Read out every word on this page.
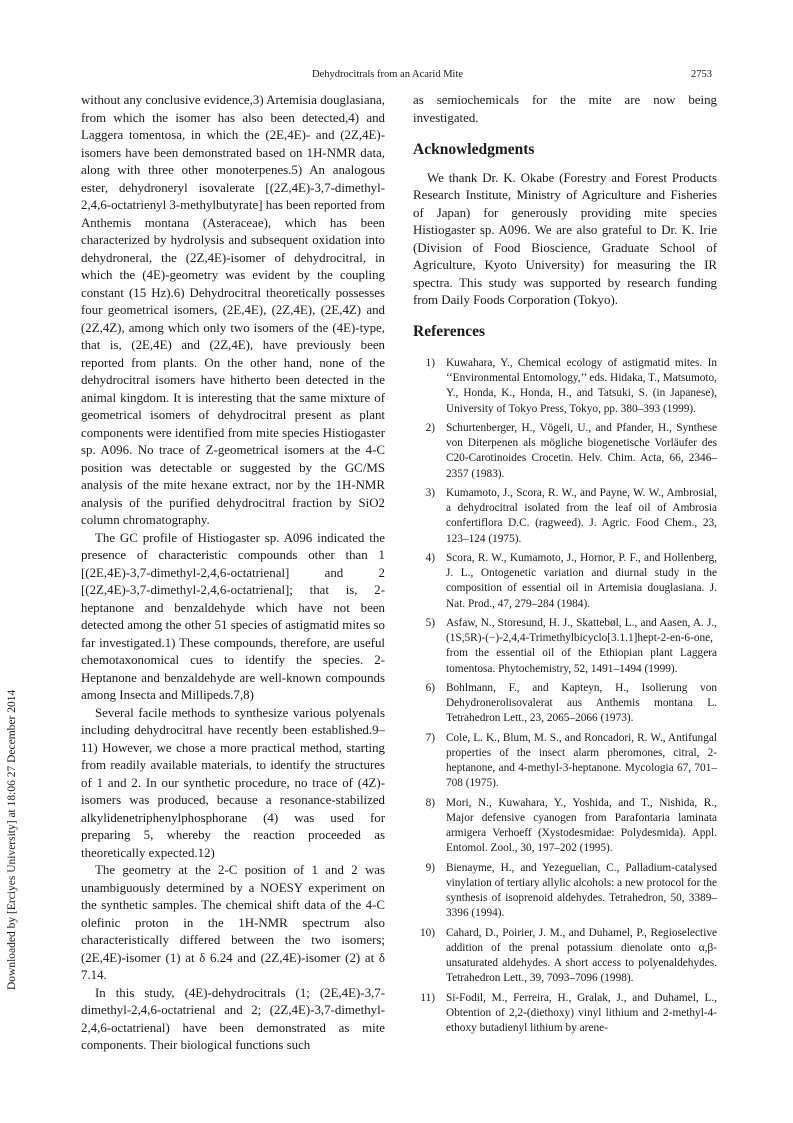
Dehydrocitrals from an Acarid Mite	2753
Downloaded by [Erciyes University] at 18:06 27 December 2014

without any conclusive evidence,3) Artemisia douglasiana, from which the isomer has also been detected,4) and Laggera tomentosa, in which the (2E,4E)- and (2Z,4E)-isomers have been demonstrated based on 1H-NMR data, along with three other monoterpenes.5) An analogous ester, dehydroneryl isovalerate [(2Z,4E)-3,7-dimethyl-2,4,6-octatrienyl 3-methylbutyrate] has been reported from Anthemis montana (Asteraceae), which has been characterized by hydrolysis and subsequent oxidation into dehydroneral, the (2Z,4E)-isomer of dehydrocitral, in which the (4E)-geometry was evident by the coupling constant (15 Hz).6) Dehydrocitral theoretically possesses four geometrical isomers, (2E,4E), (2Z,4E), (2E,4Z) and (2Z,4Z), among which only two isomers of the (4E)-type, that is, (2E,4E) and (2Z,4E), have previously been reported from plants. On the other hand, none of the dehydrocitral isomers have hitherto been detected in the animal kingdom. It is interesting that the same mixture of geometrical isomers of dehydrocitral present as plant components were identified from mite species Histiogaster sp. A096. No trace of Z-geometrical isomers at the 4-C position was detectable or suggested by the GC/MS analysis of the mite hexane extract, nor by the 1H-NMR analysis of the purified dehydrocitral fraction by SiO2 column chromatography.

The GC profile of Histiogaster sp. A096 indicated the presence of characteristic compounds other than 1 [(2E,4E)-3,7-dimethyl-2,4,6-octatrienal] and 2 [(2Z,4E)-3,7-dimethyl-2,4,6-octatrienal]; that is, 2-heptanone and benzaldehyde which have not been detected among the other 51 species of astigmatid mites so far investigated.1) These compounds, therefore, are useful chemotaxonomical cues to identify the species. 2-Heptanone and benzaldehyde are well-known compounds among Insecta and Millipeds.7,8)

Several facile methods to synthesize various polyenals including dehydrocitral have recently been established.9–11) However, we chose a more practical method, starting from readily available materials, to identify the structures of 1 and 2. In our synthetic procedure, no trace of (4Z)-isomers was produced, because a resonance-stabilized alkylidenetriphenylphosphorane (4) was used for preparing 5, whereby the reaction proceeded as theoretically expected.12)

The geometry at the 2-C position of 1 and 2 was unambiguously determined by a NOESY experiment on the synthetic samples. The chemical shift data of the 4-C olefinic proton in the 1H-NMR spectrum also characteristically differed between the two isomers; (2E,4E)-isomer (1) at δ 6.24 and (2Z,4E)-isomer (2) at δ 7.14.

In this study, (4E)-dehydrocitrals (1; (2E,4E)-3,7-dimethyl-2,4,6-octatrienal and 2; (2Z,4E)-3,7-dimethyl-2,4,6-octatrienal) have been demonstrated as mite components. Their biological functions such

as semiochemicals for the mite are now being investigated.

Acknowledgments

We thank Dr. K. Okabe (Forestry and Forest Products Research Institute, Ministry of Agriculture and Fisheries of Japan) for generously providing mite species Histiogaster sp. A096. We are also grateful to Dr. K. Irie (Division of Food Bioscience, Graduate School of Agriculture, Kyoto University) for measuring the IR spectra. This study was supported by research funding from Daily Foods Corporation (Tokyo).

References
1) Kuwahara, Y., Chemical ecology of astigmatid mites. In ‘‘Environmental Entomology,’’ eds. Hidaka, T., Matsumoto, Y., Honda, K., Honda, H., and Tatsuki, S. (in Japanese), University of Tokyo Press, Tokyo, pp. 380–393 (1999).
2) Schurtenberger, H., Vögeli, U., and Pfander, H., Synthese von Diterpenen als mögliche biogenetische Vorläufer des C20-Carotinoides Crocetin. Helv. Chim. Acta, 66, 2346–2357 (1983).
3) Kumamoto, J., Scora, R. W., and Payne, W. W., Ambrosial, a dehydrocitral isolated from the leaf oil of Ambrosia confertiflora D.C. (ragweed). J. Agric. Food Chem., 23, 123–124 (1975).
4) Scora, R. W., Kumamoto, J., Hornor, P. F., and Hollenberg, J. L., Ontogenetic variation and diurnal study in the composition of essential oil in Artemisia douglasiana. J. Nat. Prod., 47, 279–284 (1984).
5) Asfaw, N., Storesund, H. J., Skattebøl, L., and Aasen, A. J., (1S,5R)-(−)-2,4,4-Trimethylbicyclo[3.1.1]hept-2-en-6-one, from the essential oil of the Ethiopian plant Laggera tomentosa. Phytochemistry, 52, 1491–1494 (1999).
6) Bohlmann, F., and Kapteyn, H., Isolierung von Dehydronerolisovalerat aus Anthemis montana L. Tetrahedron Lett., 23, 2065–2066 (1973).
7) Cole, L. K., Blum, M. S., and Roncadori, R. W., Antifungal properties of the insect alarm pheromones, citral, 2-heptanone, and 4-methyl-3-heptanone. Mycologia 67, 701–708 (1975).
8) Mori, N., Kuwahara, Y., Yoshida, and T., Nishida, R., Major defensive cyanogen from Parafontaria laminata armigera Verhoeff (Xystodesmidae: Polydesmida). Appl. Entomol. Zool., 30, 197–202 (1995).
9) Bienayme, H., and Yezeguelian, C., Palladium-catalysed vinylation of tertiary allylic alcohols: a new protocol for the synthesis of isoprenoid aldehydes. Tetrahedron, 50, 3389–3396 (1994).
10) Cahard, D., Poirier, J. M., and Duhamel, P., Regioselective addition of the prenal potassium dienolate onto α,β-unsaturated aldehydes. A short access to polyenaldehydes. Tetrahedron Lett., 39, 7093–7096 (1998).
11) Si-Fodil, M., Ferreira, H., Gralak, J., and Duhamel, L., Obtention of 2,2-(diethoxy) vinyl lithium and 2-methyl-4-ethoxy butadienyl lithium by arene-
